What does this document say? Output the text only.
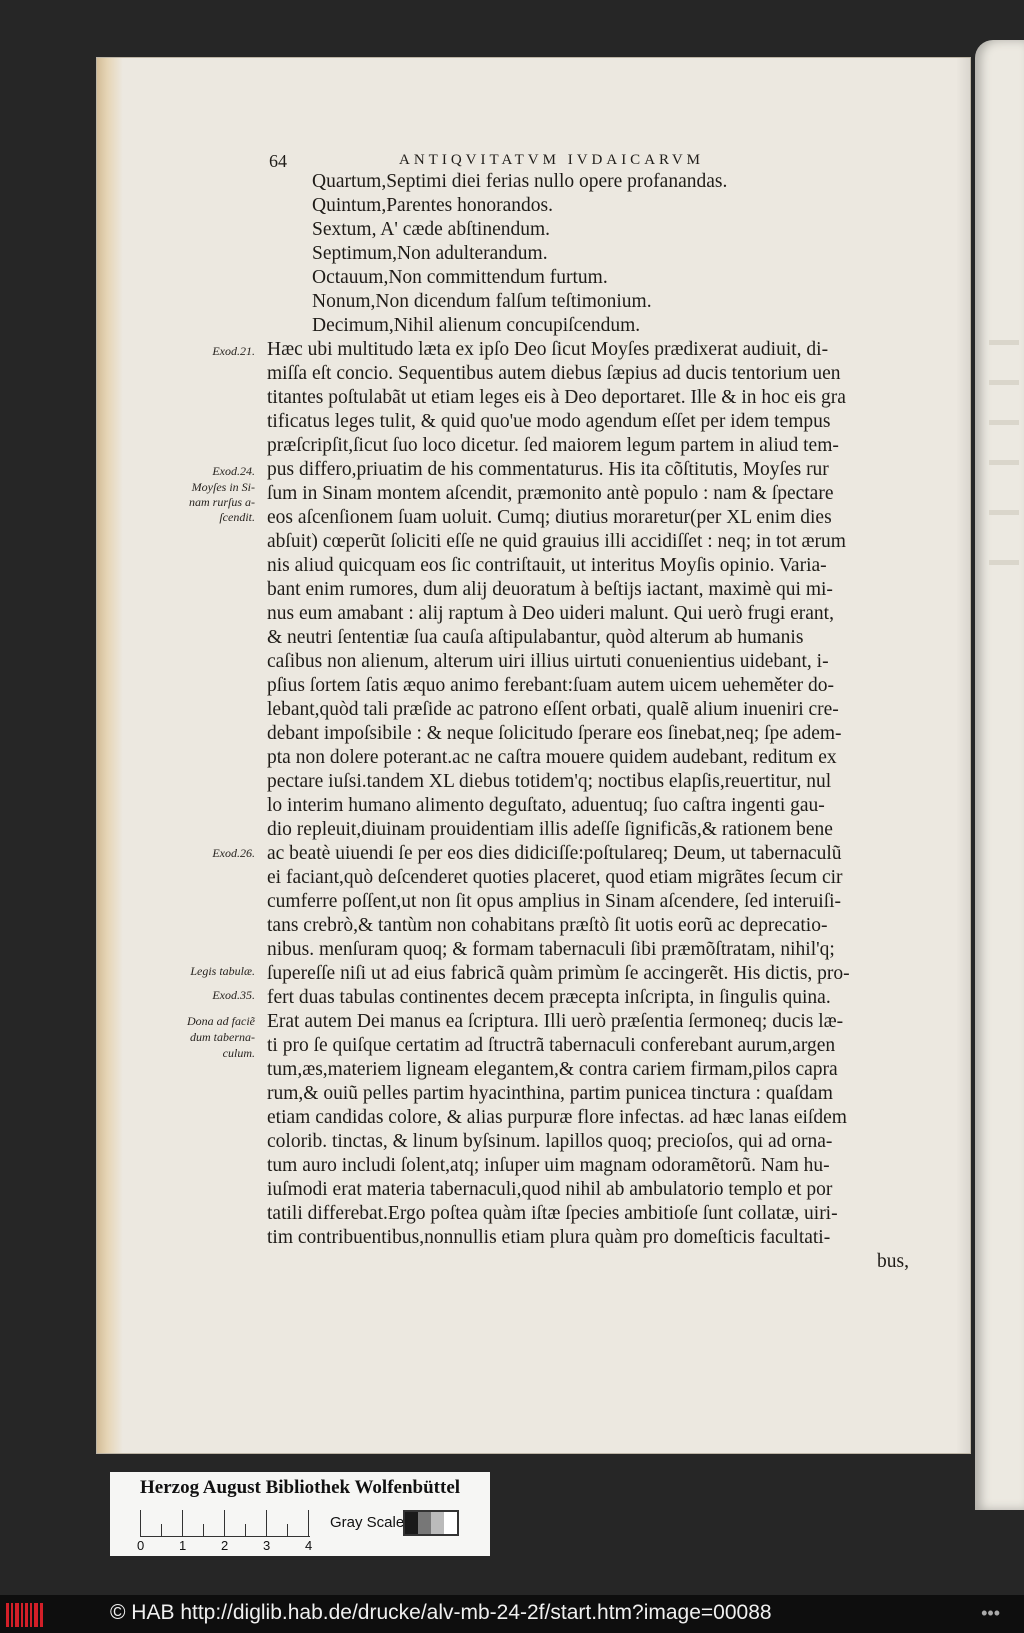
64	ANTIQVITATVM IVDAICARVM
Quartum,Septimi diei ferias nullo opere profanandas.
Quintum,Parentes honorandos.
Sextum, A' cæde abſtinendum.
Septimum,Non adulterandum.
Octauum,Non committendum furtum.
Nonum,Non dicendum falſum teſtimonium.
Decimum,Nihil alienum concupiſcendum.
Hæc ubi multitudo læta ex ipſo Deo ſicut Moyſes prædixerat audiuit, di-
miſſa eſt concio. Sequentibus autem diebus ſæpius ad ducis tentorium uen
titantes poſtulabãt ut etiam leges eis à Deo deportaret. Ille & in hoc eis gra
tificatus leges tulit, & quid quo'ue modo agendum eſſet per idem tempus
præſcripſit,ſicut ſuo loco dicetur. ſed maiorem legum partem in aliud tem-
pus differo,priuatim de his commentaturus. His ita cõſtitutis, Moyſes rur
ſum in Sinam montem aſcendit, præmonito antè populo : nam & ſpectare
eos aſcenſionem ſuam uoluit. Cumq; diutius moraretur(per XL enim dies
abſuit) cœperũt ſoliciti eſſe ne quid grauius illi accidiſſet : neq; in tot ærum
nis aliud quicquam eos ſic contriſtauit, ut interitus Moyſis opinio. Varia-
bant enim rumores, dum alij deuoratum à beſtijs iactant, maximè qui mi-
nus eum amabant : alij raptum à Deo uideri malunt. Qui uerò frugi erant,
& neutri ſententiæ ſua cauſa aſtipulabantur, quòd alterum ab humanis
caſibus non alienum, alterum uiri illius uirtuti conuenientius uidebant, i-
pſius ſortem ſatis æquo animo ferebant:ſuam autem uicem ueheměter do-
lebant,quòd tali præſide ac patrono eſſent orbati, qualẽ alium inueniri cre-
debant impoſsibile : & neque ſolicitudo ſperare eos ſinebat,neq; ſpe adem-
pta non dolere poterant.ac ne caſtra mouere quidem audebant, reditum ex
pectare iuſsi.tandem XL diebus totidem'q; noctibus elapſis,reuertitur, nul
lo interim humano alimento deguſtato, aduentuq; ſuo caſtra ingenti gau-
dio repleuit,diuinam prouidentiam illis adeſſe ſignificãs,& rationem bene
ac beatè uiuendi ſe per eos dies didiciſſe:poſtulareq; Deum, ut tabernaculũ
ei faciant,quò deſcenderet quoties placeret, quod etiam migrãtes ſecum cir
cumferre poſſent,ut non ſit opus amplius in Sinam aſcendere, ſed interuiſi-
tans crebrò,& tantùm non cohabitans præſtò ſit uotis eorũ ac deprecatio-
nibus. menſuram quoq; & formam tabernaculi ſibi præmõſtratam, nihil'q;
ſupereſſe niſi ut ad eius fabricã quàm primùm ſe accingerẽt. His dictis, pro-
fert duas tabulas continentes decem præcepta inſcripta, in ſingulis quina.
Erat autem Dei manus ea ſcriptura. Illi uerò præſentia ſermoneq; ducis læ-
ti pro ſe quiſque certatim ad ſtructrã tabernaculi conferebant aurum,argen
tum,æs,materiem ligneam elegantem,& contra cariem firmam,pilos capra
rum,& ouiũ pelles partim hyacinthina, partim punicea tinctura : quaſdam
etiam candidas colore, & alias purpuræ flore infectas. ad hæc lanas eiſdem
colorib. tinctas, & linum byſsinum. lapillos quoq; precioſos, qui ad orna-
tum auro includi ſolent,atq; inſuper uim magnam odoramẽtorũ. Nam hu-
iuſmodi erat materia tabernaculi,quod nihil ab ambulatorio templo et por
tatili differebat.Ergo poſtea quàm iſtæ ſpecies ambitioſe ſunt collatæ, uiri-
tim contribuentibus,nonnullis etiam plura quàm pro domeſticis facultati-
bus,
Exod.21.
Exod.24.
Moyſes in Si-
nam rurſus a-
ſcendit.
Exod.26.
Legis tabulæ.
Exod.35.
Dona ad faciẽ
dum taberna-
culum.
Herzog August Bibliothek Wolfenbüttel
0	1	2	3	4
Gray Scale
© HAB http://diglib.hab.de/drucke/alv-mb-24-2f/start.htm?image=00088	•••
